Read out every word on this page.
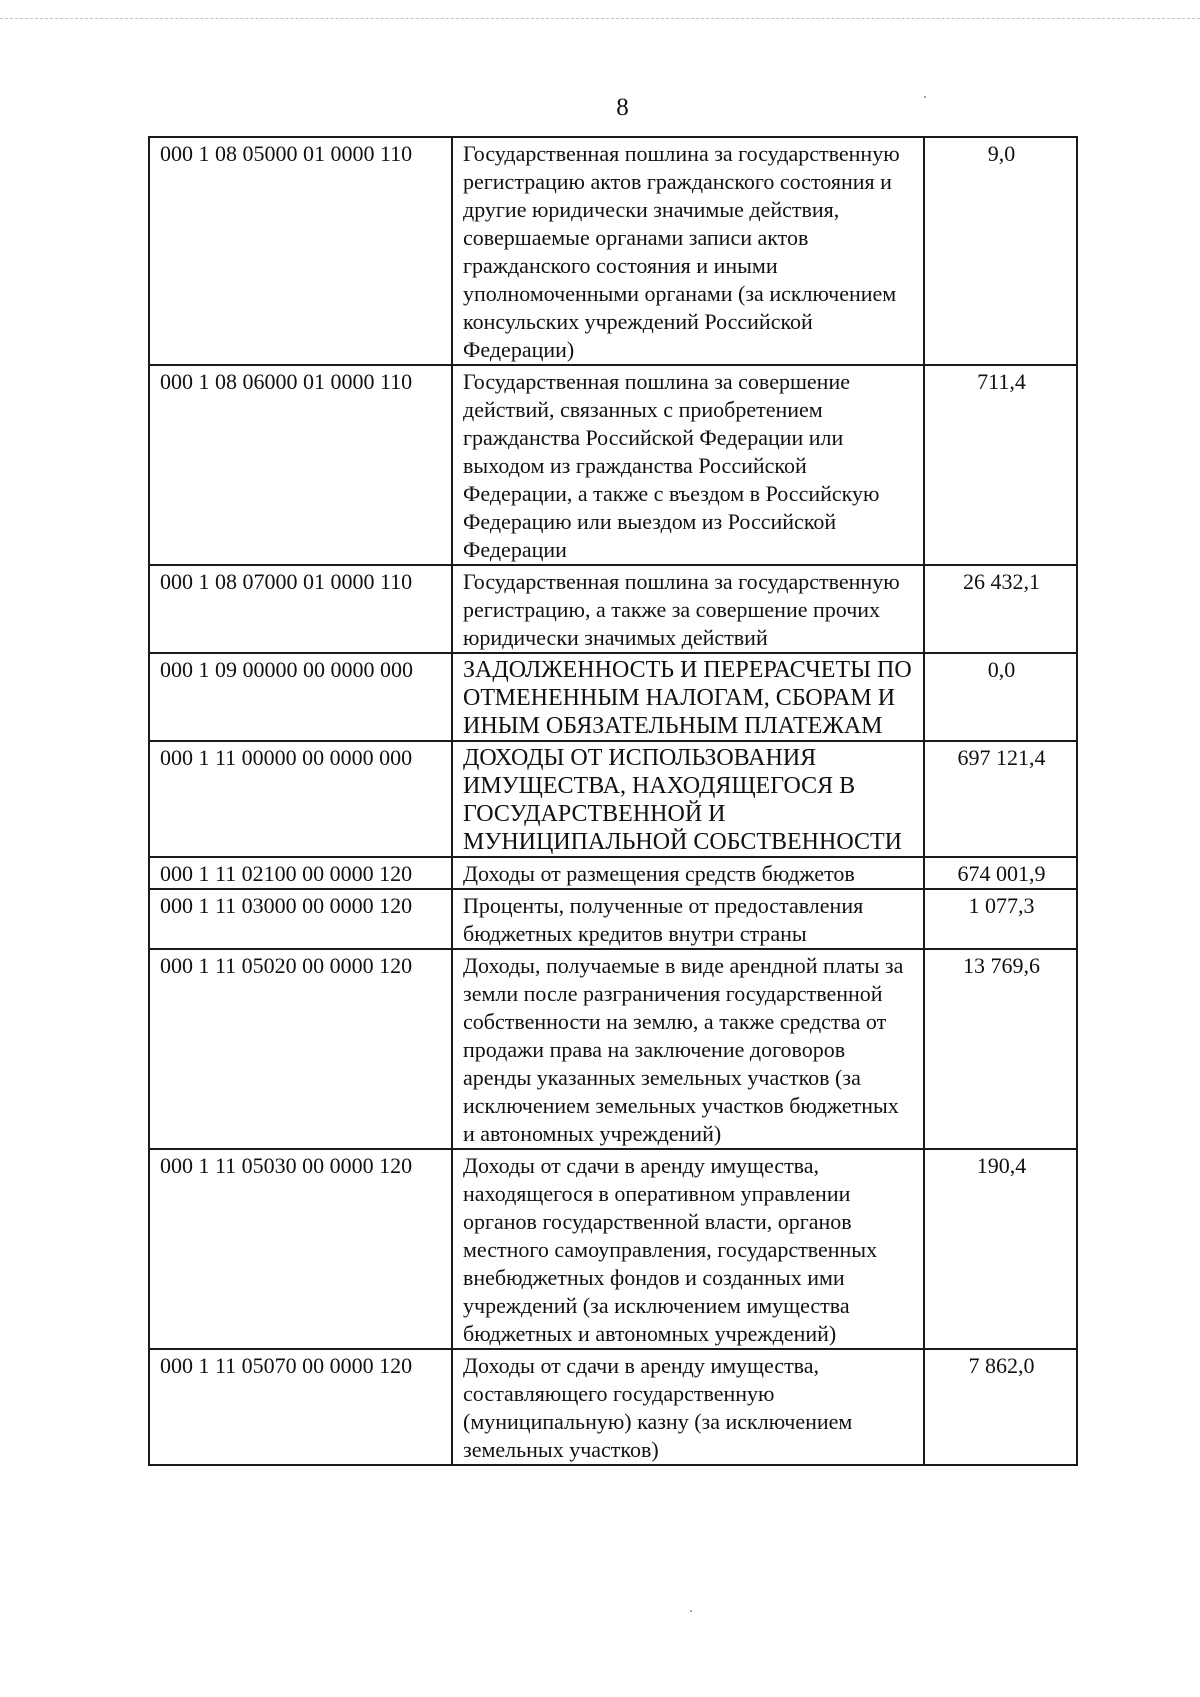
8
000 1 08 05000 01 0000 110	Государственная пошлина за государственную регистрацию актов гражданского состояния и другие юридически значимые действия, совершаемые органами записи актов гражданского состояния и иными уполномоченными органами (за исключением консульских учреждений Российской Федерации)	9,0
000 1 08 06000 01 0000 110	Государственная пошлина за совершение действий, связанных с приобретением гражданства Российской Федерации или выходом из гражданства Российской Федерации, а также с въездом в Российскую Федерацию или выездом из Российской Федерации	711,4
000 1 08 07000 01 0000 110	Государственная пошлина за государственную регистрацию, а также за совершение прочих юридически значимых действий	26 432,1
000 1 09 00000 00 0000 000	ЗАДОЛЖЕННОСТЬ И ПЕРЕРАСЧЕТЫ ПО ОТМЕНЕННЫМ НАЛОГАМ, СБОРАМ И ИНЫМ ОБЯЗАТЕЛЬНЫМ ПЛАТЕЖАМ	0,0
000 1 11 00000 00 0000 000	ДОХОДЫ ОТ ИСПОЛЬЗОВАНИЯ ИМУЩЕСТВА, НАХОДЯЩЕГОСЯ В ГОСУДАРСТВЕННОЙ И МУНИЦИПАЛЬНОЙ СОБСТВЕННОСТИ	697 121,4
000 1 11 02100 00 0000 120	Доходы от размещения средств бюджетов	674 001,9
000 1 11 03000 00 0000 120	Проценты, полученные от предоставления бюджетных кредитов внутри страны	1 077,3
000 1 11 05020 00 0000 120	Доходы, получаемые в виде арендной платы за земли после разграничения государственной собственности на землю, а также средства от продажи права на заключение договоров аренды указанных земельных участков (за исключением земельных участков бюджетных и автономных учреждений)	13 769,6
000 1 11 05030 00 0000 120	Доходы от сдачи в аренду имущества, находящегося в оперативном управлении органов государственной власти, органов местного самоуправления, государственных внебюджетных фондов и созданных ими учреждений (за исключением имущества бюджетных и автономных учреждений)	190,4
000 1 11 05070 00 0000 120	Доходы от сдачи в аренду имущества, составляющего государственную (муниципальную) казну (за исключением земельных участков)	7 862,0
